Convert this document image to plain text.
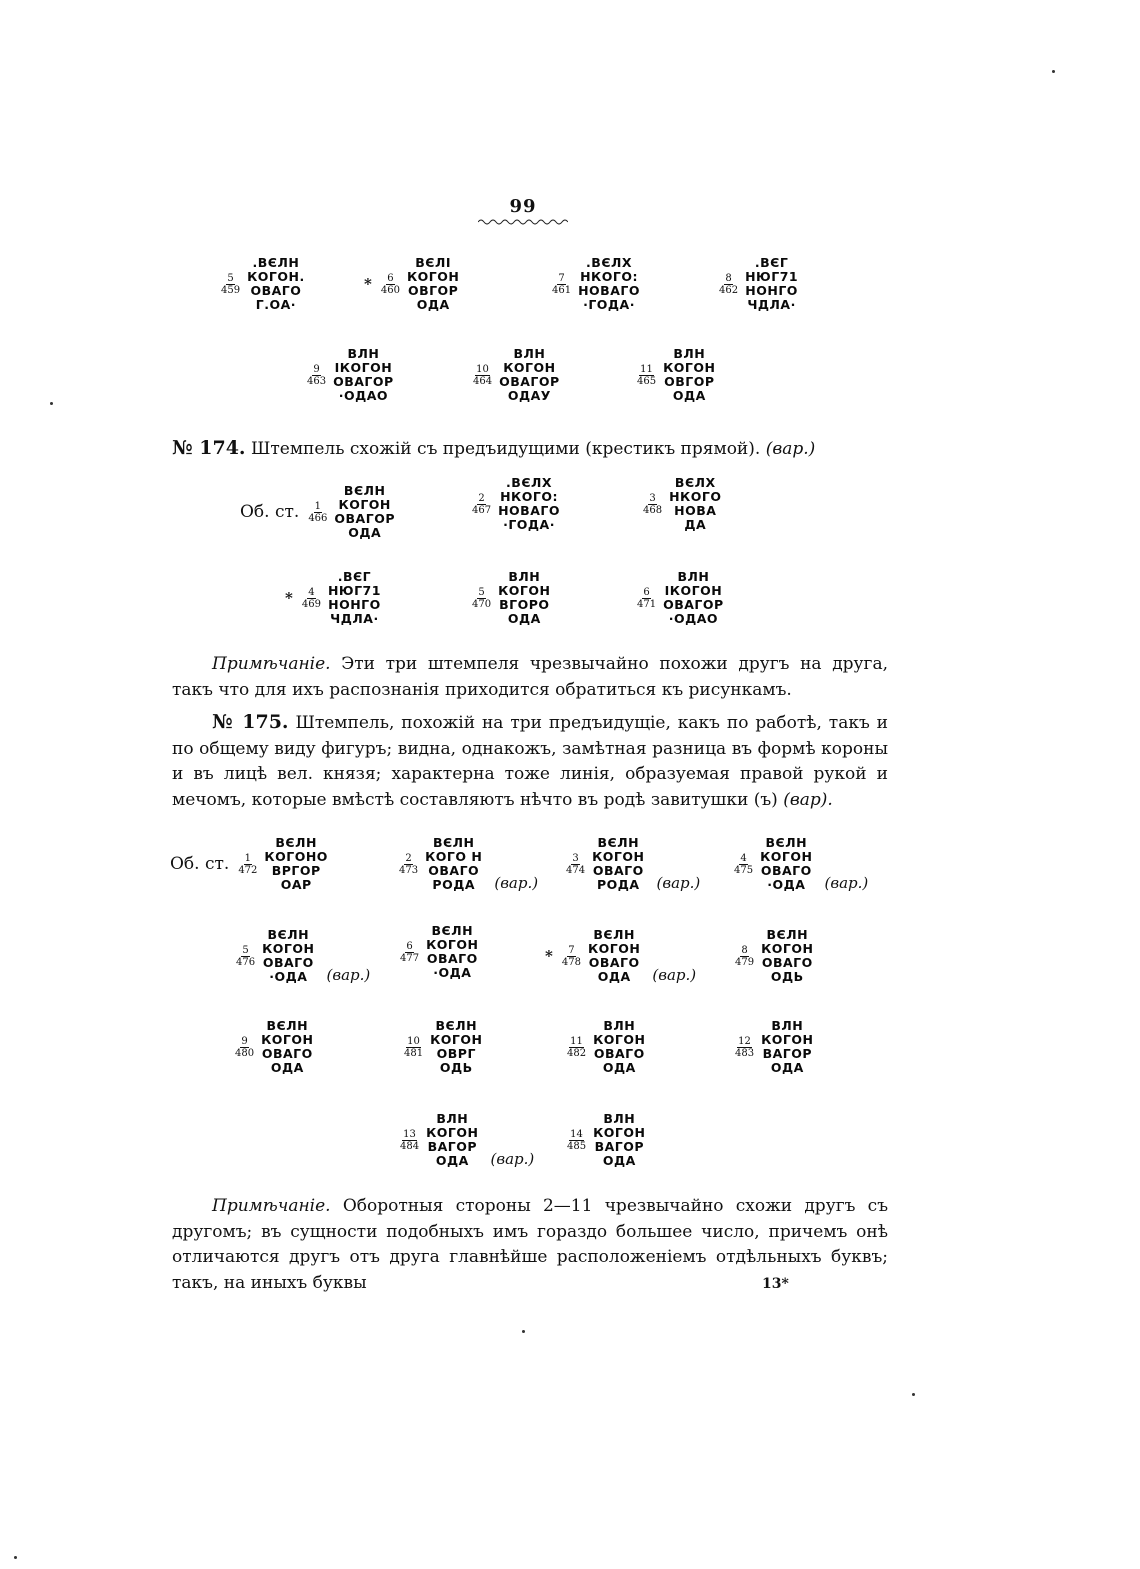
99
$\frac{5}{459}$
.ВЄЛН
КОГОН.
ОВАГО
Г.ОА·
* $\frac{6}{460}$
ВЄЛІ
КОГОН
ОВГОР
ОДА
$\frac{7}{461}$
.ВЄЛХ
НКОГО:
НОВАГО
·ГОДА·
$\frac{8}{462}$
.ВЄГ
НЮГ71
НОНГО
ЧДЛА·
$\frac{9}{463}$
ВЛН
ІКОГОН
ОВАГОР
·ОДАО
$\frac{10}{464}$
ВЛН
КОГОН
ОВАГОР
ОДАУ
$\frac{11}{465}$
ВЛН
КОГОН
ОВГОР
ОДА
№ 174. Штемпель схожій съ предъидущими (крестикъ прямой). (вар.)
Об. ст. $\frac{1}{466}$
ВЄЛН
КОГОН
ОВАГОР
ОДА
$\frac{2}{467}$
.ВЄЛХ
НКОГО:
НОВАГО
·ГОДА·
$\frac{3}{468}$
ВЄЛХ
НКОГО
НОВА
ДА
* $\frac{4}{469}$
.ВЄГ
НЮГ71
НОНГО
ЧДЛА·
$\frac{5}{470}$
ВЛН
КОГОН
ВГОРО
ОДА
$\frac{6}{471}$
ВЛН
ІКОГОН
ОВАГОР
·ОДАО
Примѣчаніе. Эти три штемпеля чрезвычайно похожи другъ на друга, такъ что для ихъ распознанія приходится обратиться къ рисункамъ.
№ 175. Штемпель, похожій на три предъидущіе, какъ по работѣ, такъ и по общему виду фигуръ; видна, однакожъ, замѣтная разница въ формѣ короны и въ лицѣ вел. князя; характерна тоже линія, образуемая правой рукой и мечомъ, которые вмѣстѣ составляютъ нѣчто въ родѣ завитушки (ъ) (вар).
Об. ст. $\frac{1}{472}$
ВЄЛН
КОГОНО
ВРГОР
ОАР
$\frac{2}{473}$
ВЄЛН
КОГО Н
ОВАГО
РОДА (вар.)
$\frac{3}{474}$
ВЄЛН
КОГОН
ОВАГО
РОДА (вар.)
$\frac{4}{475}$
ВЄЛН
КОГОН
ОВАГО
·ОДА (вар.)
$\frac{5}{476}$
ВЄЛН
КОГОН
ОВАГО
·ОДА (вар.)
$\frac{6}{477}$
ВЄЛН
КОГОН
ОВАГО
·ОДА
* $\frac{7}{478}$
ВЄЛН
КОГОН
ОВАГО
ОДА (вар.)
$\frac{8}{479}$
ВЄЛН
КОГОН
ОВАГО
ОДЬ
$\frac{9}{480}$
ВЄЛН
КОГОН
ОВАГО
ОДА
$\frac{10}{481}$
ВЄЛН
КОГОН
ОВРГ
ОДЬ
$\frac{11}{482}$
ВЛН
КОГОН
ОВАГО
ОДА
$\frac{12}{483}$
ВЛН
КОГОН
ВАГОР
ОДА
$\frac{13}{484}$
ВЛН
КОГОН
ВАГОР
ОДА (вар.)
$\frac{14}{485}$
ВЛН
КОГОН
ВАГОР
ОДА
Примѣчаніе. Оборотныя стороны 2—11 чрезвычайно схожи другъ съ другомъ; въ сущности подобныхъ имъ гораздо большее число, причемъ онѣ отличаются другъ отъ друга главнѣйше расположеніемъ отдѣльныхъ буквъ; такъ, на иныхъ буквы	13*
